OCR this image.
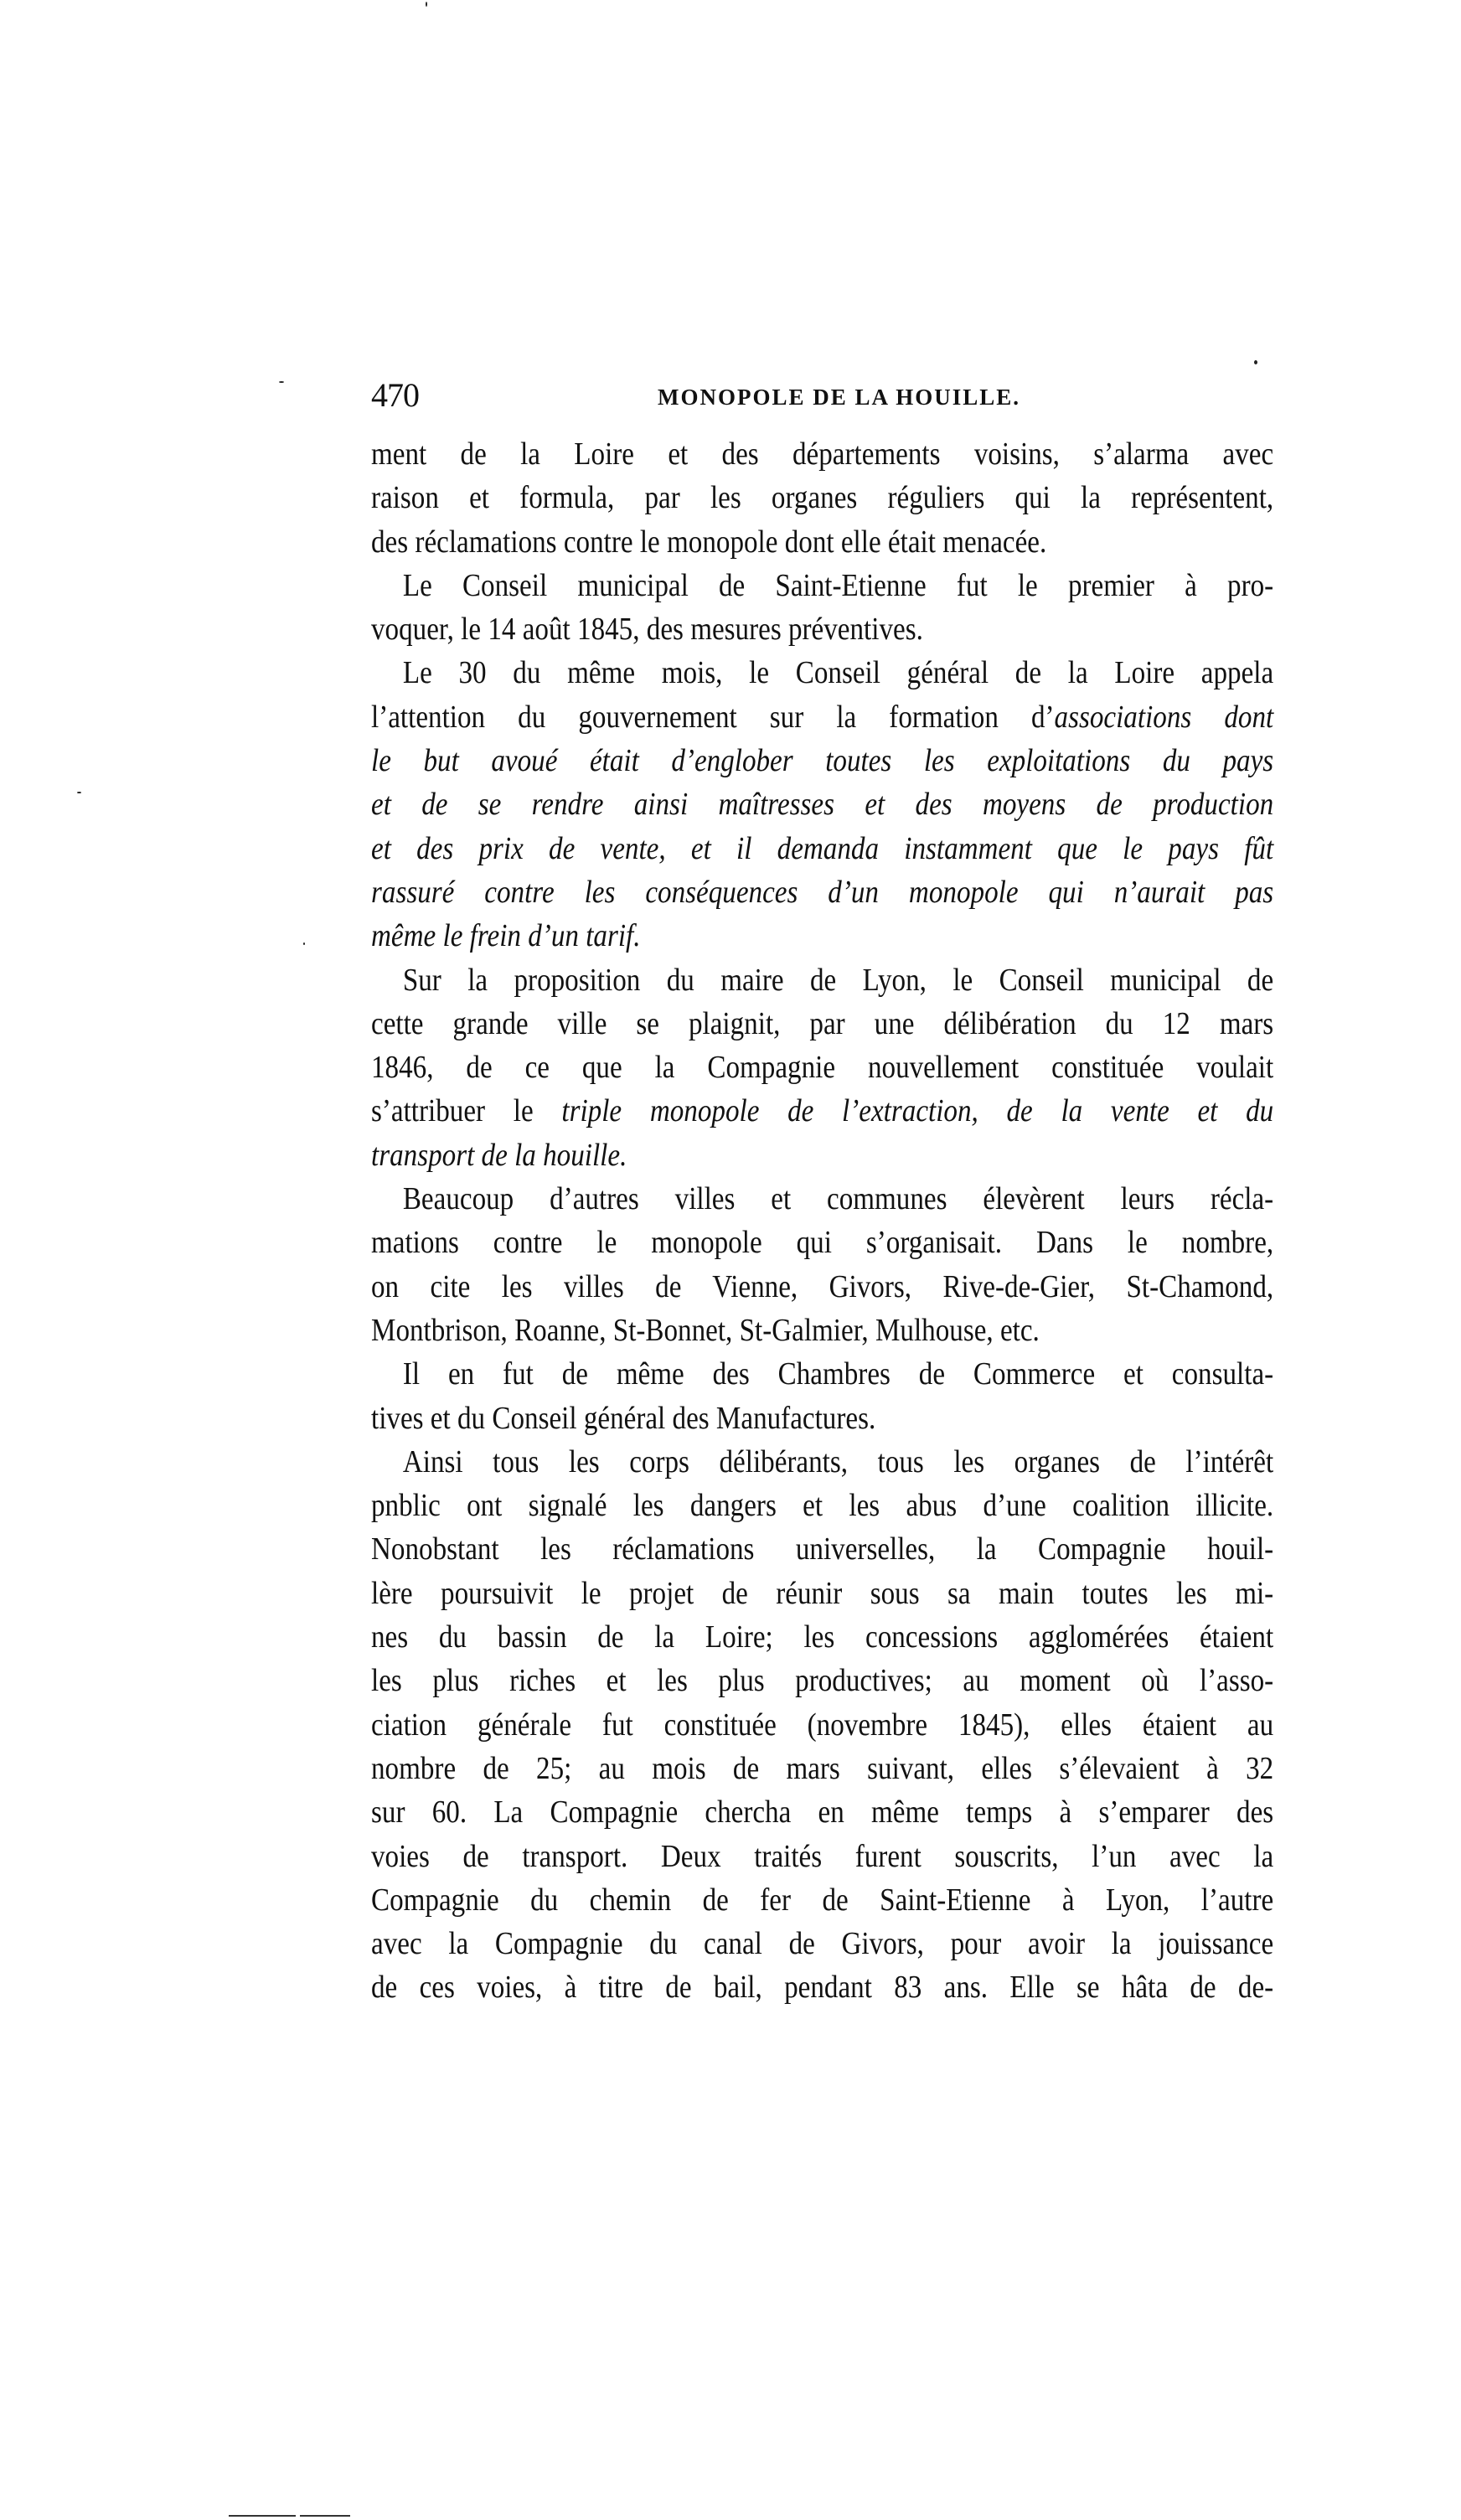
470	MONOPOLE DE LA HOUILLE.
ment de la Loire et des départements voisins, s’alarma avec
raison et formula, par les organes réguliers qui la représentent,
des réclamations contre le monopole dont elle était menacée.
Le Conseil municipal de Saint-Etienne fut le premier à pro-
voquer, le 14 août 1845, des mesures préventives.
Le 30 du même mois, le Conseil général de la Loire appela
l’attention du gouvernement sur la formation d’associations dont
le but avoué était d’englober toutes les exploitations du pays
et de se rendre ainsi maîtresses et des moyens de production
et des prix de vente, et il demanda instamment que le pays fût
rassuré contre les conséquences d’un monopole qui n’aurait pas
même le frein d’un tarif.
Sur la proposition du maire de Lyon, le Conseil municipal de
cette grande ville se plaignit, par une délibération du 12 mars
1846, de ce que la Compagnie nouvellement constituée voulait
s’attribuer le triple monopole de l’extraction, de la vente et du
transport de la houille.
Beaucoup d’autres villes et communes élevèrent leurs récla-
mations contre le monopole qui s’organisait. Dans le nombre,
on cite les villes de Vienne, Givors, Rive-de-Gier, St-Chamond,
Montbrison, Roanne, St-Bonnet, St-Galmier, Mulhouse, etc.
Il en fut de même des Chambres de Commerce et consulta-
tives et du Conseil général des Manufactures.
Ainsi tous les corps délibérants, tous les organes de l’intérêt
pnblic ont signalé les dangers et les abus d’une coalition illicite.
Nonobstant les réclamations universelles, la Compagnie houil-
lère poursuivit le projet de réunir sous sa main toutes les mi-
nes du bassin de la Loire; les concessions agglomérées étaient
les plus riches et les plus productives; au moment où l’asso-
ciation générale fut constituée (novembre 1845), elles étaient au
nombre de 25; au mois de mars suivant, elles s’élevaient à 32
sur 60. La Compagnie chercha en même temps à s’emparer des
voies de transport. Deux traités furent souscrits, l’un avec la
Compagnie du chemin de fer de Saint-Etienne à Lyon, l’autre
avec la Compagnie du canal de Givors, pour avoir la jouissance
de ces voies, à titre de bail, pendant 83 ans. Elle se hâta de de-
